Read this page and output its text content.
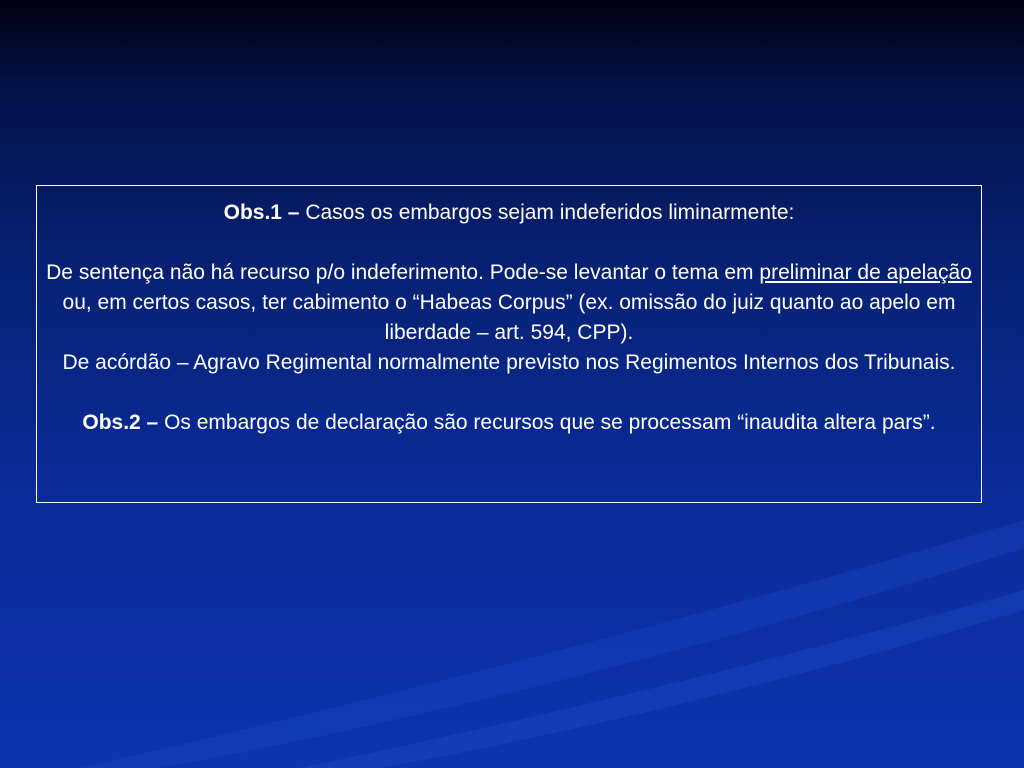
Obs.1 – Casos os embargos sejam indeferidos liminarmente:

De sentença não há recurso p/o indeferimento. Pode-se levantar o tema em preliminar de apelação ou, em certos casos, ter cabimento o “Habeas Corpus” (ex. omissão do juiz quanto ao apelo em liberdade – art. 594, CPP).

De acórdão – Agravo Regimental normalmente previsto nos Regimentos Internos dos Tribunais.

Obs.2 – Os embargos de declaração são recursos que se processam “inaudita altera pars”.
